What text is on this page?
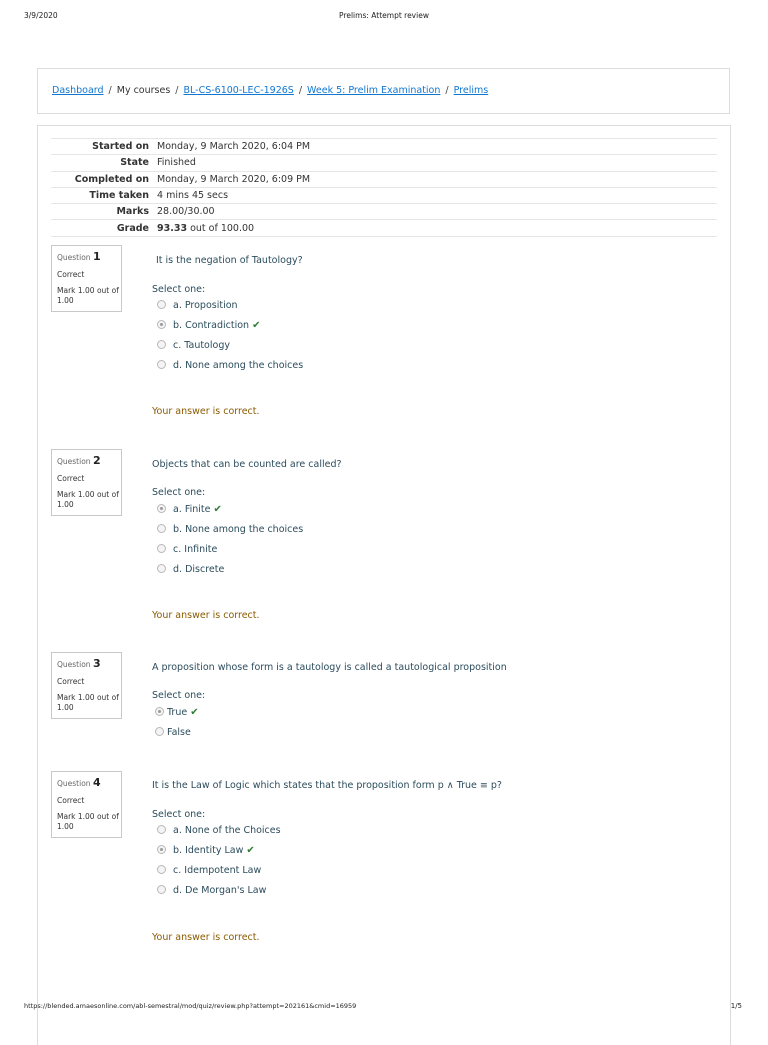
3/9/2020	Prelims: Attempt review
Dashboard / My courses / BL-CS-6100-LEC-1926S / Week 5: Prelim Examination / Prelims
Started on	Monday, 9 March 2020, 6:04 PM
State	Finished
Completed on	Monday, 9 March 2020, 6:09 PM
Time taken	4 mins 45 secs
Marks	28.00/30.00
Grade	93.33 out of 100.00
Question 1
Correct
Mark 1.00 out of 1.00
It is the negation of Tautology?
Select one:
a. Proposition
b. Contradiction ✔
c. Tautology
d. None among the choices
Your answer is correct.
Question 2
Correct
Mark 1.00 out of 1.00
Objects that can be counted are called?
Select one:
a. Finite ✔
b. None among the choices
c. Infinite
d. Discrete
Your answer is correct.
Question 3
Correct
Mark 1.00 out of 1.00
A proposition whose form is a tautology is called a tautological proposition
Select one:
True ✔
False
Question 4
Correct
Mark 1.00 out of 1.00
It is the Law of Logic which states that the proposition form p ∧ True ≡ p?
Select one:
a. None of the Choices
b. Identity Law ✔
c. Idempotent Law
d. De Morgan's Law
Your answer is correct.
https://blended.amaesonline.com/abl-semestral/mod/quiz/review.php?attempt=202161&cmid=16959	1/5
